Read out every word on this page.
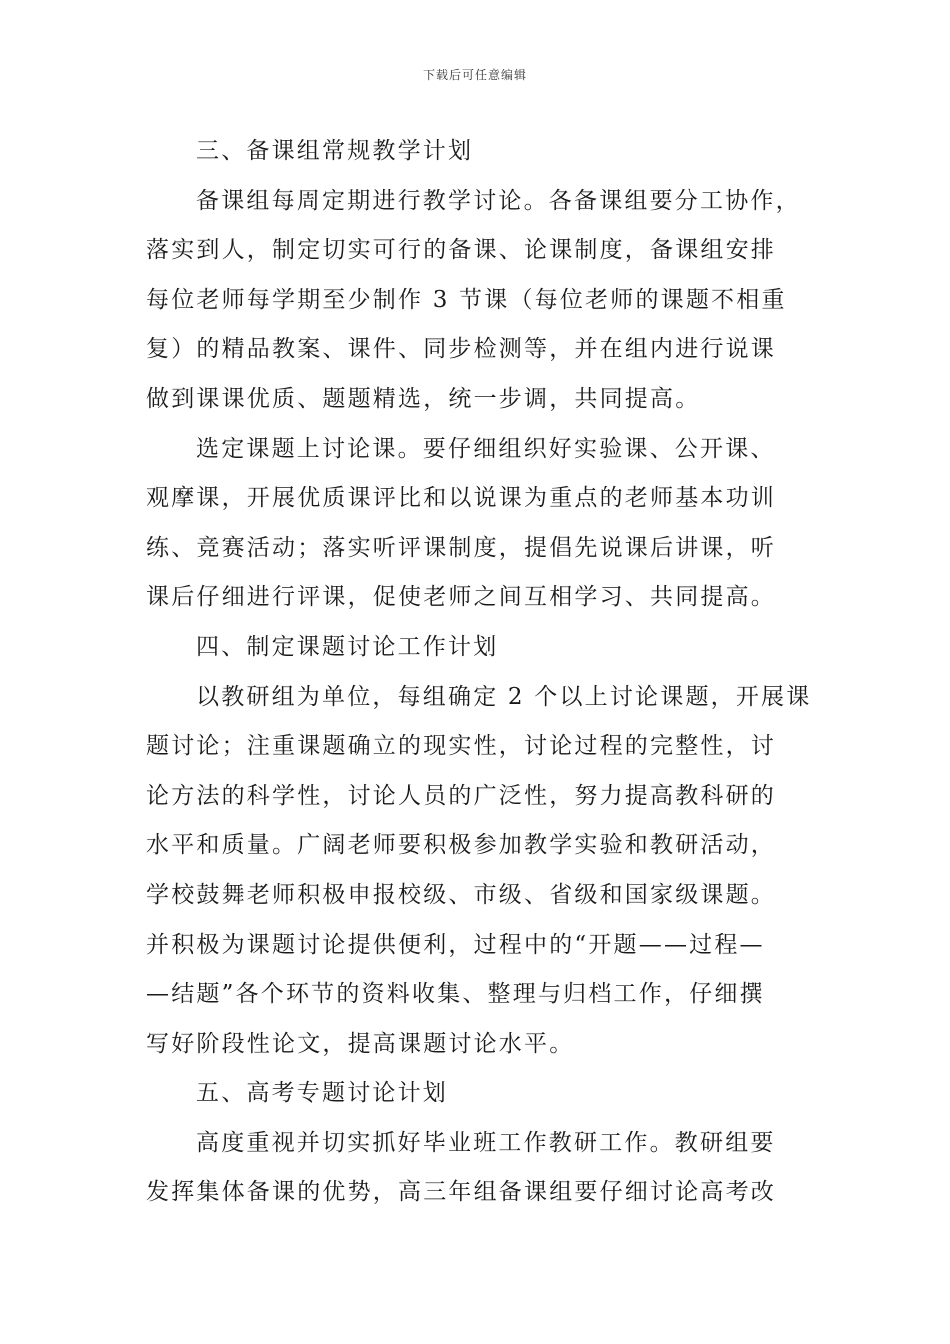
下载后可任意编辑
三、备课组常规教学计划
备课组每周定期进行教学讨论。各备课组要分工协作，
落实到人，制定切实可行的备课、论课制度，备课组安排
每位老师每学期至少制作 3 节课（每位老师的课题不相重
复）的精品教案、课件、同步检测等，并在组内进行说课
做到课课优质、题题精选，统一步调，共同提高。
选定课题上讨论课。要仔细组织好实验课、公开课、
观摩课，开展优质课评比和以说课为重点的老师基本功训
练、竞赛活动；落实听评课制度，提倡先说课后讲课，听
课后仔细进行评课，促使老师之间互相学习、共同提高。
四、制定课题讨论工作计划
以教研组为单位，每组确定 2 个以上讨论课题，开展课
题讨论；注重课题确立的现实性，讨论过程的完整性，讨
论方法的科学性，讨论人员的广泛性，努力提高教科研的
水平和质量。广阔老师要积极参加教学实验和教研活动，
学校鼓舞老师积极申报校级、市级、省级和国家级课题。
并积极为课题讨论提供便利，过程中的“开题——过程—
—结题”各个环节的资料收集、整理与归档工作，仔细撰
写好阶段性论文，提高课题讨论水平。
五、高考专题讨论计划
高度重视并切实抓好毕业班工作教研工作。教研组要
发挥集体备课的优势，高三年组备课组要仔细讨论高考改
